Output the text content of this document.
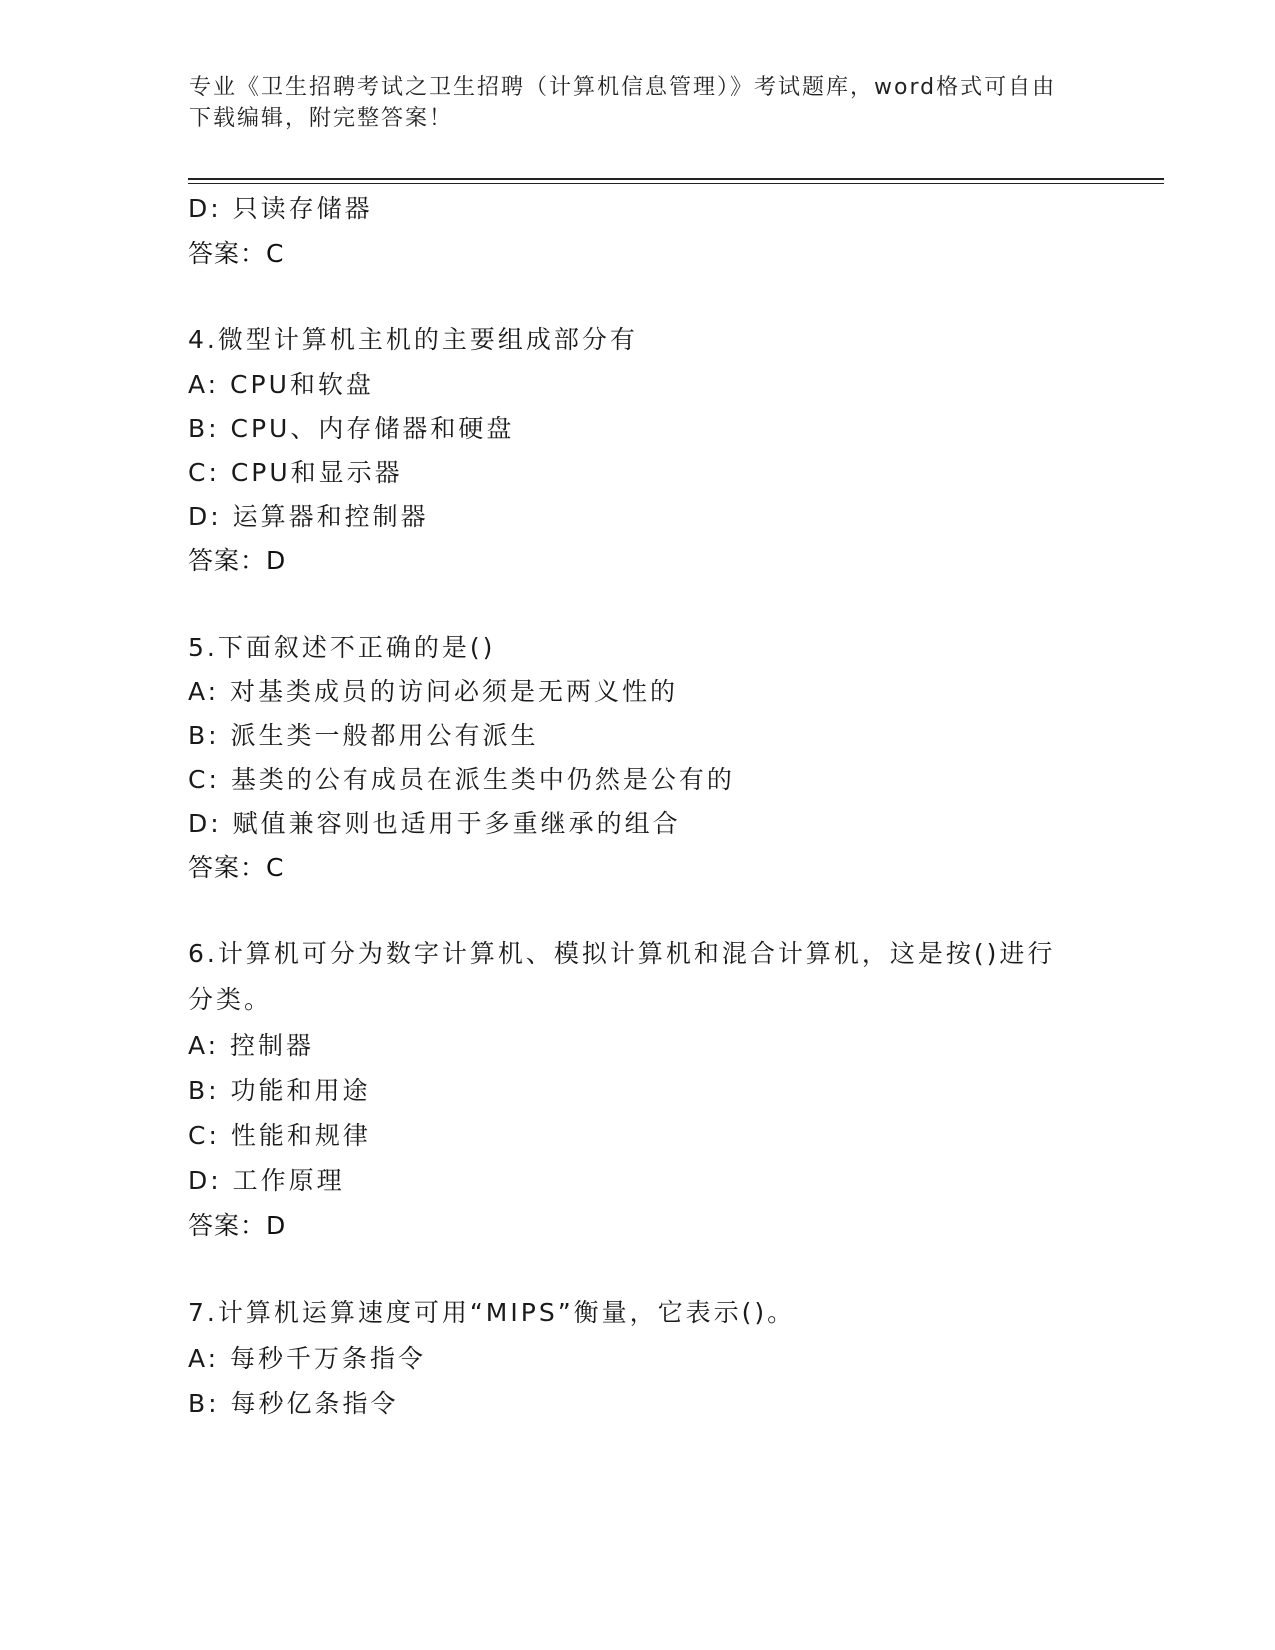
专业《卫生招聘考试之卫生招聘（计算机信息管理）》考试题库，word格式可自由下载编辑，附完整答案！
D: 只读存储器
答案：C
4.微型计算机主机的主要组成部分有
A: CPU和软盘
B: CPU、内存储器和硬盘
C: CPU和显示器
D: 运算器和控制器
答案：D
5.下面叙述不正确的是()
A: 对基类成员的访问必须是无两义性的
B: 派生类一般都用公有派生
C: 基类的公有成员在派生类中仍然是公有的
D: 赋值兼容则也适用于多重继承的组合
答案：C
6.计算机可分为数字计算机、模拟计算机和混合计算机，这是按()进行分类。
A: 控制器
B: 功能和用途
C: 性能和规律
D: 工作原理
答案：D
7.计算机运算速度可用“MIPS”衡量，它表示()。
A: 每秒千万条指令
B: 每秒亿条指令
